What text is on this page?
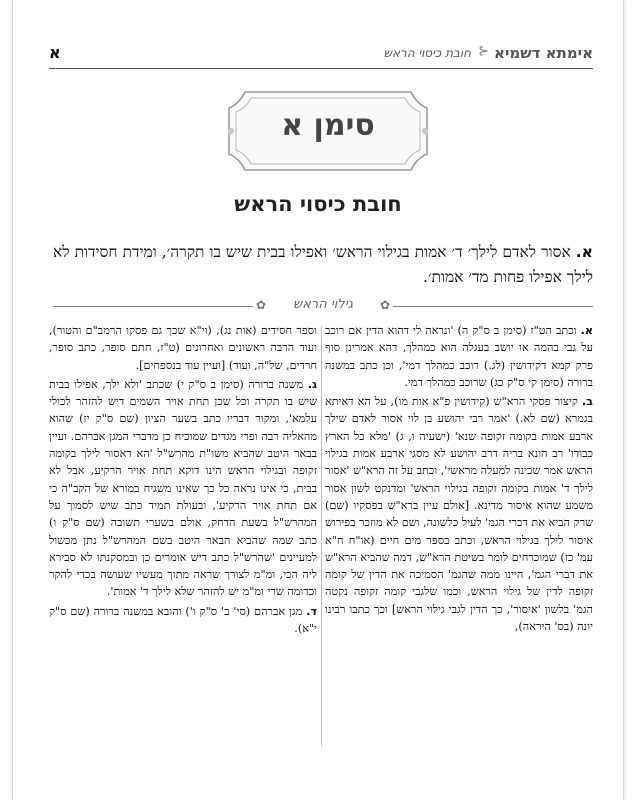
אימתא דשמיא
⊰
חובת כיסוי הראש
א
סימן א
חובת כיסוי הראש
א. אסור לאדם לילך׳ ד׳ אמות בגילוי הראש׳ ואפילו בבית שיש בו תקרה׳, ומידת חסידות לא לילך אפילו פחות מד׳ אמות׳.
✿	גילוי הראש	✿

א. וכתב הט"ז (סימן ב ס"ק ה) 'ונראה לי דהוא הדין אם רוכב על גבי בהמה או יושב בעגלה הוא כמהלך, דהא אמרינן סוף פרק קמא דקידושין (לג.) רוכב כמהלך דמי', וכן כתב במשנה ברורה (סימן קי ס"ק כג) שרוכב כמהלך דמי.

ב. קיצור פסקי הרא"ש (קידושין פ"א אות מו), על הא דאיתא בגמרא (שם לא.) 'אמר רבי יהושע בן לוי אסור לאדם שילך ארבע אמות בקומה זקופה שנא' (ישעיה ו, ג) 'מלא כל הארץ כבודו' רב הונא בריה דרב יהושע לא מסגי ארבע אמות בגילוי הראש אמר שכינה למעלה מראשי', וכתב על זה הרא"ש 'אסור לילך ד' אמות בקומה זקופה בגילוי הראש' ומדנקט לשון אסור משמע שהוא איסור מדינא. [אולם עיין ברא"ש בפסקיו (שם) שרק הביא את דברי הגמ' לעיל כלשונה, ושם לא מוזכר בפירוש איסור לילך בגילוי הראש, וכתב בספר מים חיים (או"ח ח"א עמ' כז) שמוכרחים לומר בשיטת הרא"ש, דמה שהביא הרא"ש את דברי הגמ', היינו ממה שהגמ' הסמיכה את הדין של קומה זקופה לדין של גילוי הראש, וכמו שלגבי קומה זקופה נקטה הגמ' בלשון 'איסור', כך הדין לגבי גילוי הראש] וכך כתבו רבינו יונה (בס' היראה),

וספר חסידים (אות נג), (וי"א שכך גם פסקו הרמב"ם והטור), ועוד הרבה ראשונים ואחרונים (ט"ז, חתם סופר, כתב סופר, חרדים, של"ה, ועוד) [ועיין עוד בנספחים].

ג. משנה ברורה (סימן ב ס"ק י) שכתב 'ולא ילך, אפילו בבית שיש בו תקרה וכל שכן תחת אויר השמים דיש להזהר לכולי עלמא', ומקור דבריו כתב בשער הציון (שם ס"ק יז) שהוא מהאליה רבה ופרי מגדים שמוכיח כן מדברי המגן אברהם. ועיין בבאר היטב שהביא משו"ת מהרש"ל 'הא דאסור לילך בקומה זקופה ובגילוי הראש הינו דוקא תחת אויר הרקיע, אבל לא בבית, כי אינו נראה כל כך שאינו משגיח במורא של הקב"ה כי אם תחת אויר הרקיע', ובעולת תמיד כתב שיש לסמוך על המהרש"ל בשעת הדחק, אולם בשערי תשובה (שם ס"ק ו) כתב שמה שהביא הבאר היטב בשם המהרש"ל נתן מכשול למעיינים 'שהרש"ל כתב דיש אומרים כן ובמסקנתו לא סבירא ליה הכי, ומ"מ לצורך שראה מתוך מעשיו שעושה בכדי להקר וכדומה שרי ומ"מ יש להזהר שלא לילך ד' אמות'.

ד. מגן אברהם (סי' ב' ס"ק ו') והובא במשנה ברורה (שם ס"ק י"א).
